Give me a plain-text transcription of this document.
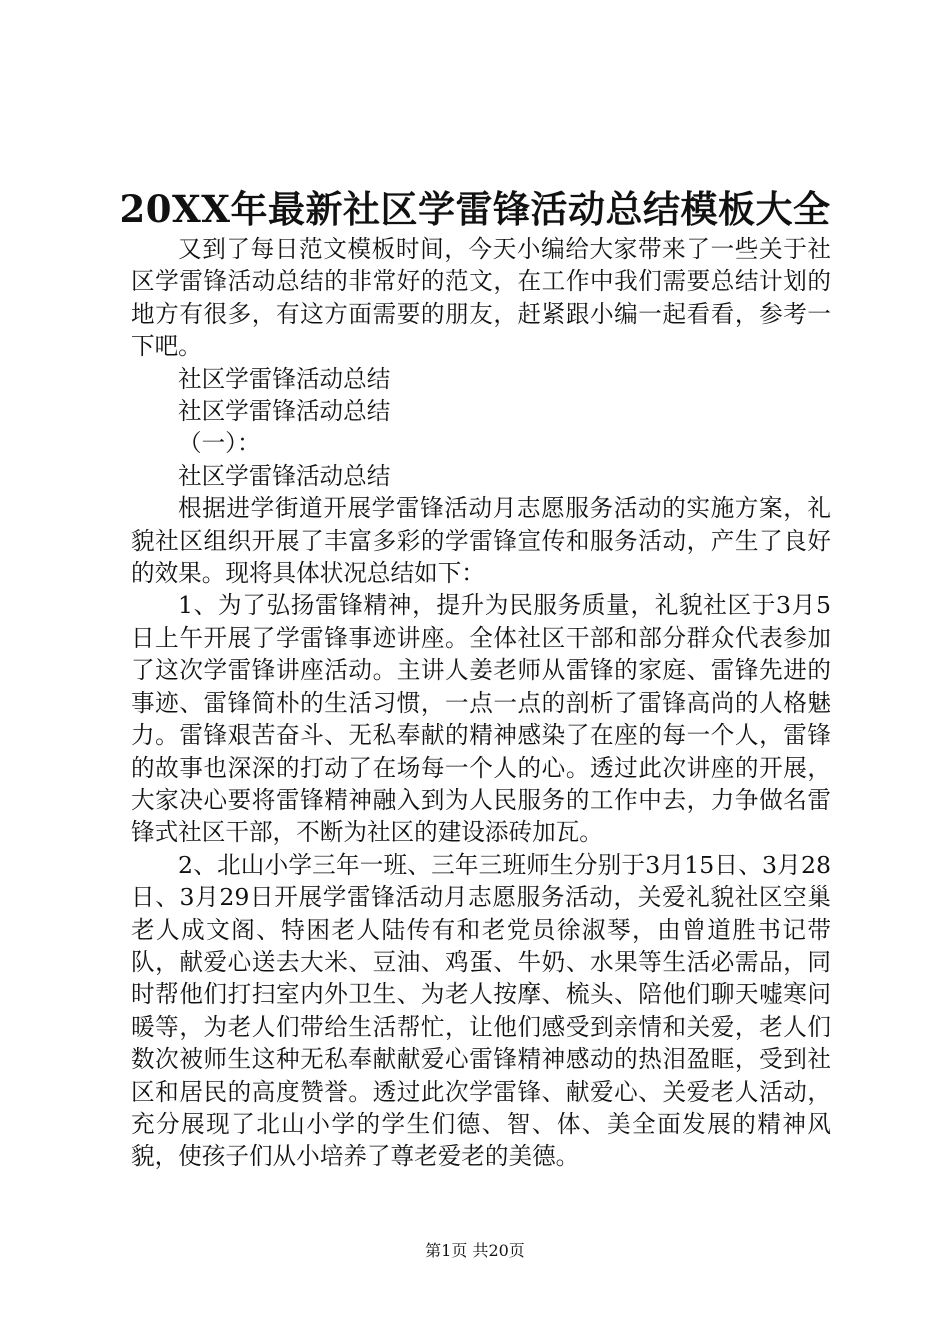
20XX年最新社区学雷锋活动总结模板大全

又到了每日范文模板时间，今天小编给大家带来了一些关于社区学雷锋活动总结的非常好的范文，在工作中我们需要总结计划的地方有很多，有这方面需要的朋友，赶紧跟小编一起看看，参考一下吧。

社区学雷锋活动总结

社区学雷锋活动总结

（一）：

社区学雷锋活动总结

根据进学街道开展学雷锋活动月志愿服务活动的实施方案，礼貌社区组织开展了丰富多彩的学雷锋宣传和服务活动，产生了良好的效果。现将具体状况总结如下：

1、为了弘扬雷锋精神，提升为民服务质量，礼貌社区于3月5日上午开展了学雷锋事迹讲座。全体社区干部和部分群众代表参加了这次学雷锋讲座活动。主讲人姜老师从雷锋的家庭、雷锋先进的事迹、雷锋简朴的生活习惯，一点一点的剖析了雷锋高尚的人格魅力。雷锋艰苦奋斗、无私奉献的精神感染了在座的每一个人，雷锋的故事也深深的打动了在场每一个人的心。透过此次讲座的开展，大家决心要将雷锋精神融入到为人民服务的工作中去，力争做名雷锋式社区干部，不断为社区的建设添砖加瓦。

2、北山小学三年一班、三年三班师生分别于3月15日、3月28日、3月29日开展学雷锋活动月志愿服务活动，关爱礼貌社区空巢老人成文阁、特困老人陆传有和老党员徐淑琴，由曾道胜书记带队，献爱心送去大米、豆油、鸡蛋、牛奶、水果等生活必需品，同时帮他们打扫室内外卫生、为老人按摩、梳头、陪他们聊天嘘寒问暖等，为老人们带给生活帮忙，让他们感受到亲情和关爱，老人们数次被师生这种无私奉献献爱心雷锋精神感动的热泪盈眶，受到社区和居民的高度赞誉。透过此次学雷锋、献爱心、关爱老人活动，充分展现了北山小学的学生们德、智、体、美全面发展的精神风貌，使孩子们从小培养了尊老爱老的美德。

第1页 共20页
